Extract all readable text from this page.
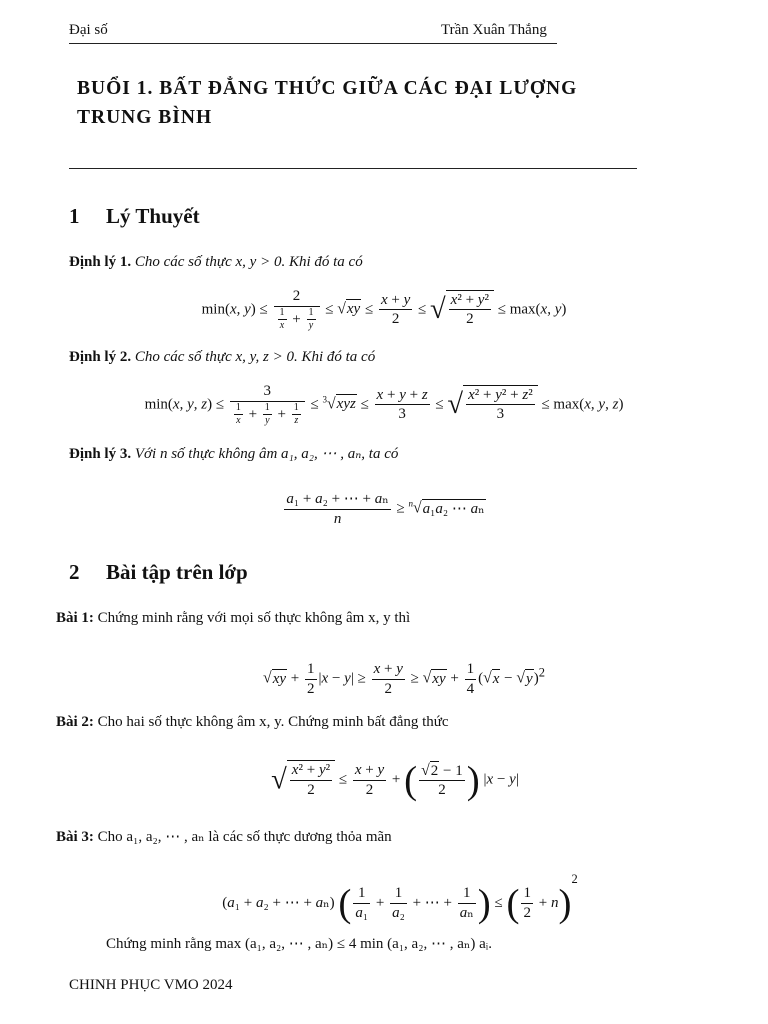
Đại số	Trần Xuân Thắng
BUỔI 1. BẤT ĐẲNG THỨC GIỮA CÁC ĐẠI LƯỢNG
TRUNG BÌNH
1 Lý Thuyết
Định lý 1. Cho các số thực x, y > 0. Khi đó ta có
min(x, $y) \le \frac{2}{\frac{1}{x} + \frac{1}{y}} \le √xy \le \frac{x + y}{2}$ ≤ √ $\frac{\text{x² + y²}}{2} \le \max(x$, y)
Định lý 2. Cho các số thực x, y, z > 0. Khi đó ta có
min(x, y, $z) \le \frac{3}{\frac{1}{x} + \frac{1}{y} + \frac{1}{z}} \le ^3√xyz \le \frac{x + y + z}{3}$ ≤ √ $\frac{\text{x² + y² + z²}}{3} \le \max(x$, y, z)
Định lý 3. Với n số thực không âm a₁, a₂, ⋯ , aₙ, ta có
$\frac{\text{a₁ + a₂ + ⋯ + aₙ}}{n} \ge ^n√a_1a_2$ ⋯ aₙ
2 Bài tập trên lớp
Bài 1: Chứng minh rằng với mọi số thực không âm x, y thì
$√xy + \frac{1}{2} |x - y| \ge \frac{x + y}{2} \ge √xy + \frac{1}{4} (√x - √y)^2$
Bài 2: Cho hai số thực không âm x, y. Chứng minh bất đẳng thức
√ $\frac{\text{x² + y²}}{2} \le \frac{x + y}{2}$ + ( $\frac{√2 - 1}{2}$ ) |x − y|
Bài 3: Cho a₁, a₂, ⋯ , aₙ là các số thực dương thỏa mãn
(a₁ + a₂ + ⋯ + aₙ) ( $\frac{1}{\text{a₁}} + \frac{1}{\text{a₂}}$ + ⋯ + $\frac{1}{\text{aₙ}}$ ) ≤ ( $\frac{1}{2} + n)^2$
Chứng minh rằng max (a₁, a₂, ⋯ , aₙ) ≤ 4 min (a₁, a₂, ⋯ , aₙ) aᵢ.
CHINH PHỤC VMO 2024
